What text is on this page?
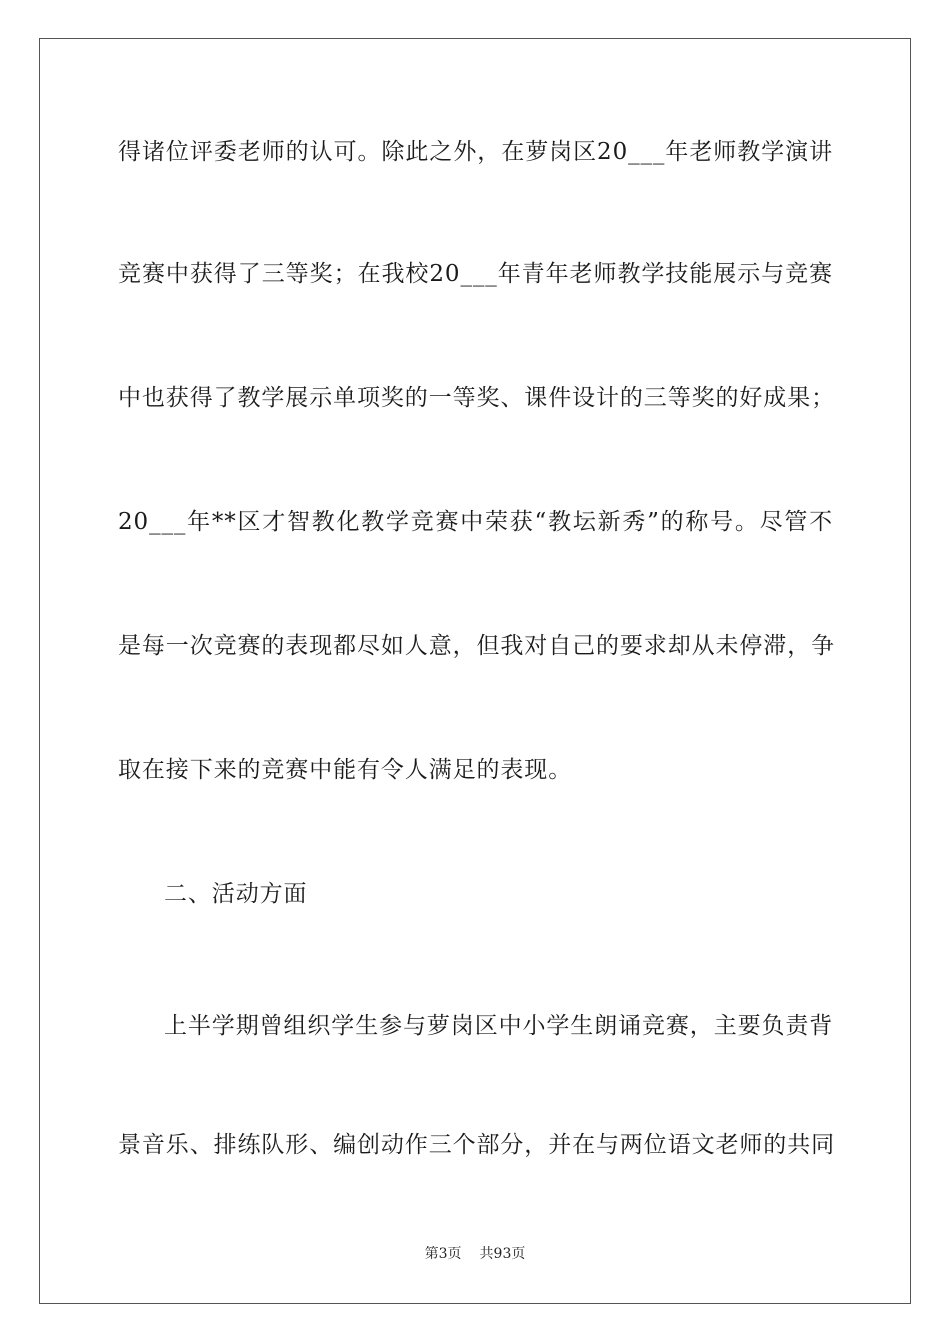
得诸位评委老师的认可。除此之外，在萝岗区20___年老师教学演讲
竞赛中获得了三等奖；在我校20___年青年老师教学技能展示与竞赛
中也获得了教学展示单项奖的一等奖、课件设计的三等奖的好成果；
20___年**区才智教化教学竞赛中荣获“教坛新秀”的称号。尽管不
是每一次竞赛的表现都尽如人意，但我对自己的要求却从未停滞，争
取在接下来的竞赛中能有令人满足的表现。
二、活动方面
上半学期曾组织学生参与萝岗区中小学生朗诵竞赛，主要负责背
景音乐、排练队形、编创动作三个部分，并在与两位语文老师的共同
第3页 共93页
